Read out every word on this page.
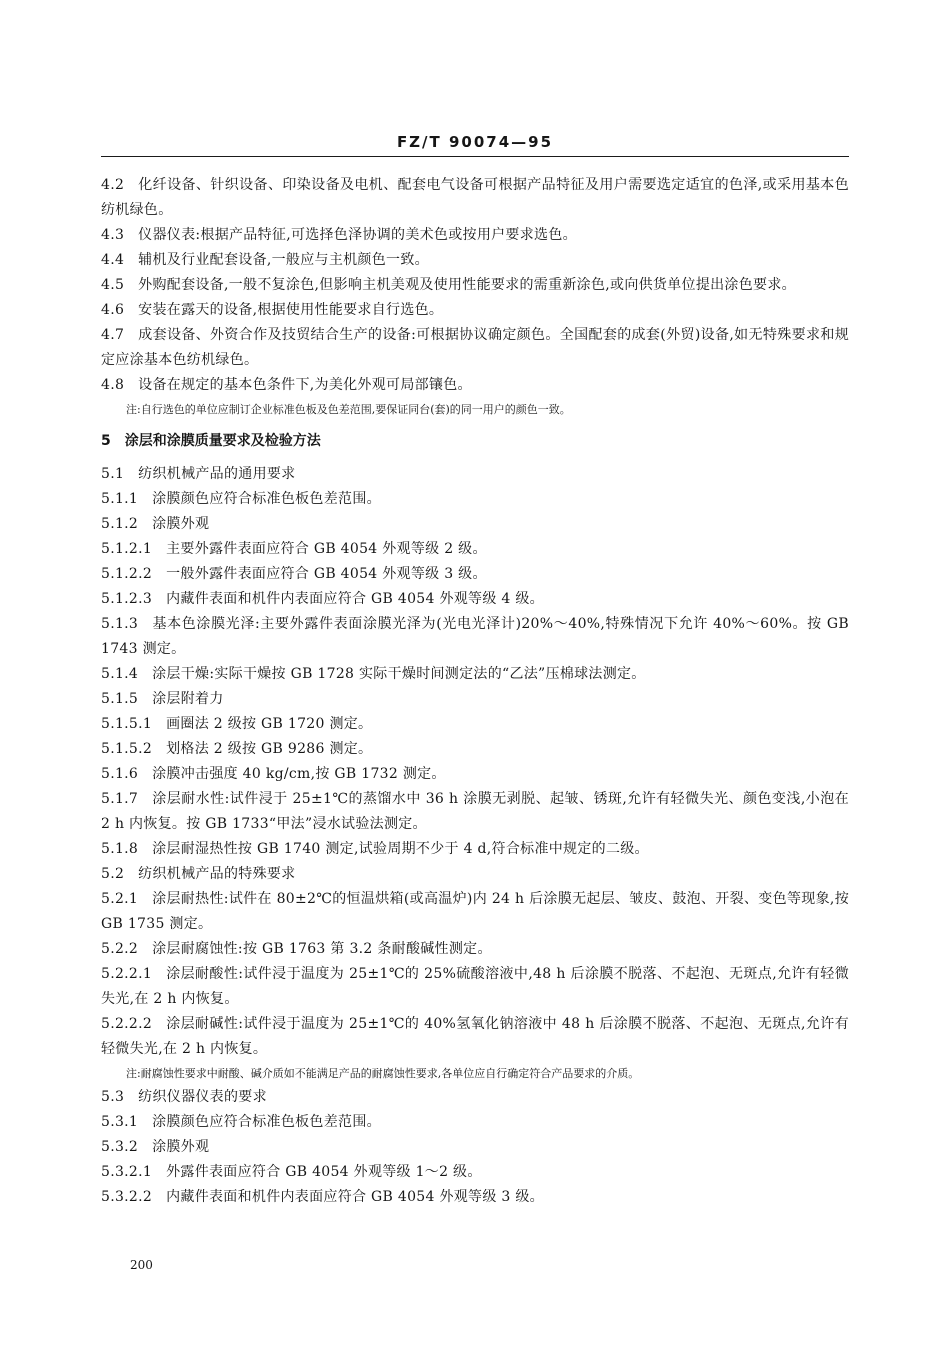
FZ/T 90074—95
4.2 化纤设备、针织设备、印染设备及电机、配套电气设备可根据产品特征及用户需要选定适宜的色泽,或采用基本色纺机绿色。
4.3 仪器仪表:根据产品特征,可选择色泽协调的美术色或按用户要求选色。
4.4 辅机及行业配套设备,一般应与主机颜色一致。
4.5 外购配套设备,一般不复涂色,但影响主机美观及使用性能要求的需重新涂色,或向供货单位提出涂色要求。
4.6 安装在露天的设备,根据使用性能要求自行选色。
4.7 成套设备、外资合作及技贸结合生产的设备:可根据协议确定颜色。全国配套的成套(外贸)设备,如无特殊要求和规定应涂基本色纺机绿色。
4.8 设备在规定的基本色条件下,为美化外观可局部镶色。
注:自行选色的单位应制订企业标准色板及色差范围,要保证同台(套)的同一用户的颜色一致。
5 涂层和涂膜质量要求及检验方法
5.1 纺织机械产品的通用要求
5.1.1 涂膜颜色应符合标准色板色差范围。
5.1.2 涂膜外观
5.1.2.1 主要外露件表面应符合 GB 4054 外观等级 2 级。
5.1.2.2 一般外露件表面应符合 GB 4054 外观等级 3 级。
5.1.2.3 内藏件表面和机件内表面应符合 GB 4054 外观等级 4 级。
5.1.3 基本色涂膜光泽:主要外露件表面涂膜光泽为(光电光泽计)20%～40%,特殊情况下允许 40%～60%。按 GB 1743 测定。
5.1.4 涂层干燥:实际干燥按 GB 1728 实际干燥时间测定法的“乙法”压棉球法测定。
5.1.5 涂层附着力
5.1.5.1 画圈法 2 级按 GB 1720 测定。
5.1.5.2 划格法 2 级按 GB 9286 测定。
5.1.6 涂膜冲击强度 40 kg/cm,按 GB 1732 测定。
5.1.7 涂层耐水性:试件浸于 25±1℃的蒸馏水中 36 h 涂膜无剥脱、起皱、锈斑,允许有轻微失光、颜色变浅,小泡在 2 h 内恢复。按 GB 1733“甲法”浸水试验法测定。
5.1.8 涂层耐湿热性按 GB 1740 测定,试验周期不少于 4 d,符合标准中规定的二级。
5.2 纺织机械产品的特殊要求
5.2.1 涂层耐热性:试件在 80±2℃的恒温烘箱(或高温炉)内 24 h 后涂膜无起层、皱皮、鼓泡、开裂、变色等现象,按 GB 1735 测定。
5.2.2 涂层耐腐蚀性:按 GB 1763 第 3.2 条耐酸碱性测定。
5.2.2.1 涂层耐酸性:试件浸于温度为 25±1℃的 25%硫酸溶液中,48 h 后涂膜不脱落、不起泡、无斑点,允许有轻微失光,在 2 h 内恢复。
5.2.2.2 涂层耐碱性:试件浸于温度为 25±1℃的 40%氢氧化钠溶液中 48 h 后涂膜不脱落、不起泡、无斑点,允许有轻微失光,在 2 h 内恢复。
注:耐腐蚀性要求中耐酸、碱介质如不能满足产品的耐腐蚀性要求,各单位应自行确定符合产品要求的介质。
5.3 纺织仪器仪表的要求
5.3.1 涂膜颜色应符合标准色板色差范围。
5.3.2 涂膜外观
5.3.2.1 外露件表面应符合 GB 4054 外观等级 1～2 级。
5.3.2.2 内藏件表面和机件内表面应符合 GB 4054 外观等级 3 级。
200
